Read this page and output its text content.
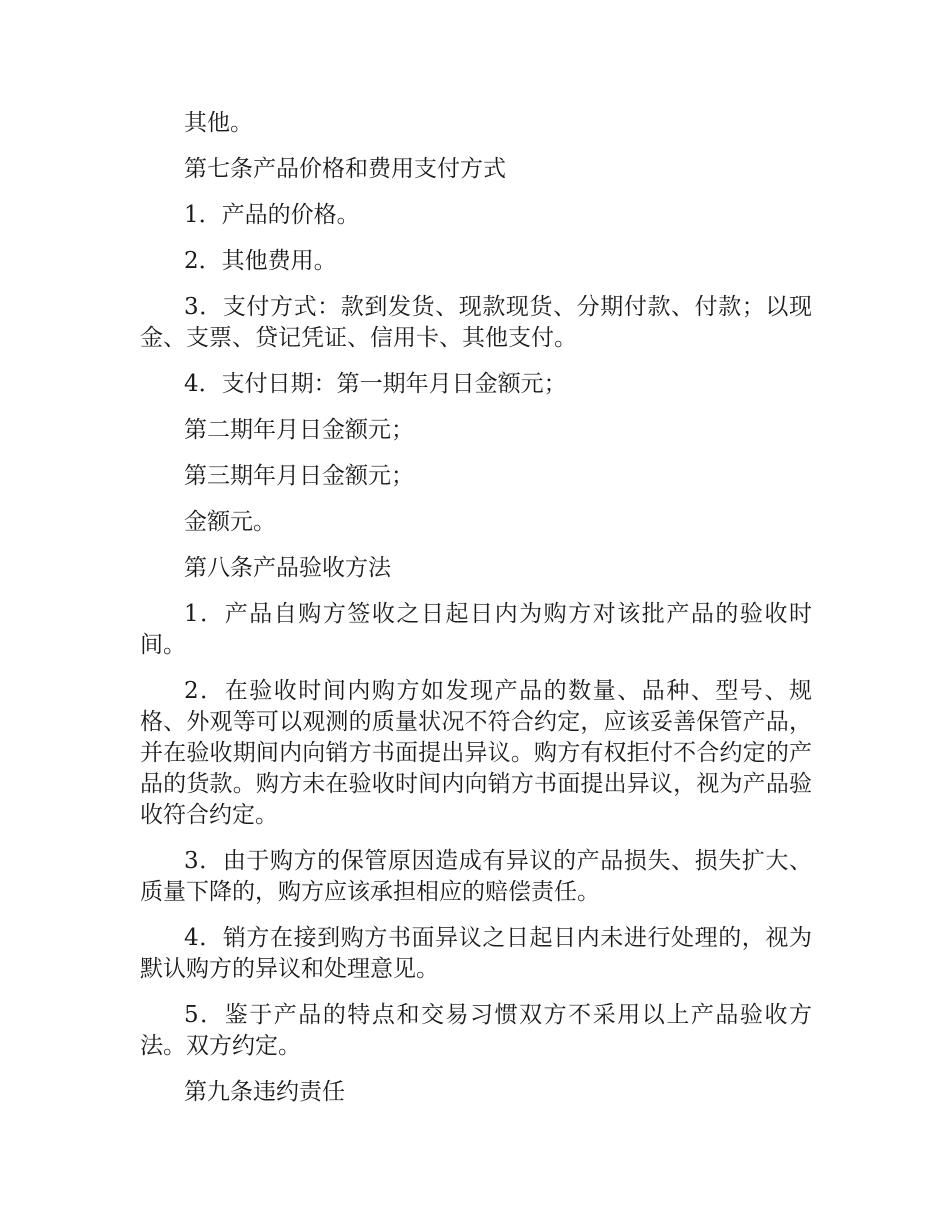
其他。

第七条产品价格和费用支付方式

1．产品的价格。

2．其他费用。

3．支付方式：款到发货、现款现货、分期付款、付款；以现金、支票、贷记凭证、信用卡、其他支付。

4．支付日期：第一期年月日金额元；

第二期年月日金额元；

第三期年月日金额元；

金额元。

第八条产品验收方法

1．产品自购方签收之日起日内为购方对该批产品的验收时间。

2．在验收时间内购方如发现产品的数量、品种、型号、规格、外观等可以观测的质量状况不符合约定，应该妥善保管产品，并在验收期间内向销方书面提出异议。购方有权拒付不合约定的产品的货款。购方未在验收时间内向销方书面提出异议，视为产品验收符合约定。

3．由于购方的保管原因造成有异议的产品损失、损失扩大、质量下降的，购方应该承担相应的赔偿责任。

4．销方在接到购方书面异议之日起日内未进行处理的，视为默认购方的异议和处理意见。

5．鉴于产品的特点和交易习惯双方不采用以上产品验收方法。双方约定。

第九条违约责任
